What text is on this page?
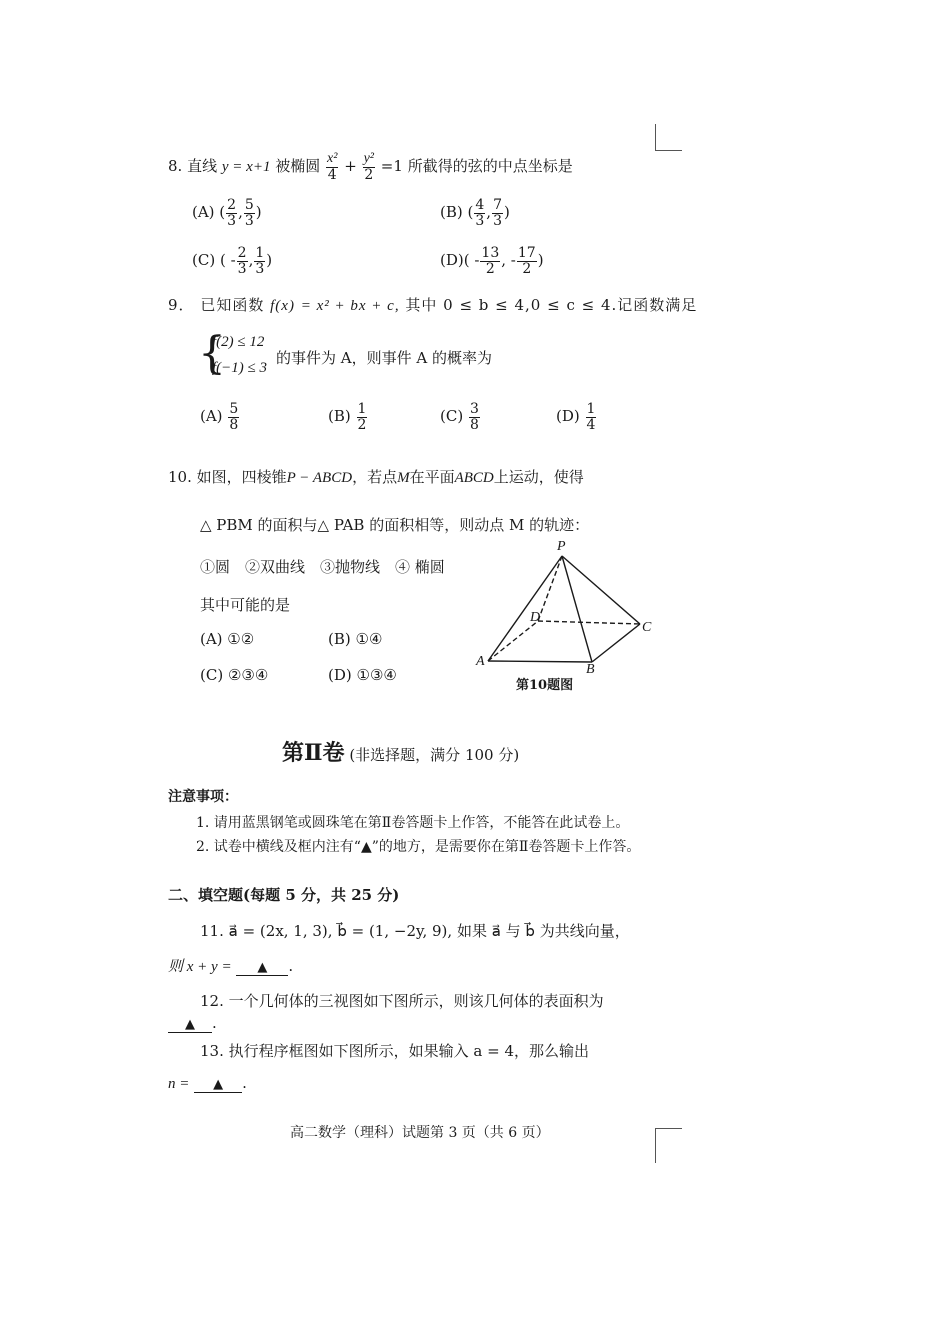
8. 直线 y = x+1 被椭圆 $\frac{\text{x²}}{4} + \frac{\text{y²}}{2} =1$ 所截得的弦的中点坐标是
(A) ( $\frac{2}{3}$ , $\frac{5}{3}$ )	(B) ( $\frac{4}{3}$ , $\frac{7}{3}$ )
(C) ( - $\frac{2}{3}$ , $\frac{1}{3}$ )	$(D)( - \frac{13}{2}$ , - $\frac{17}{2}$ )
9． 已知函数 f(x) = x² + bx + c, 其中 0 ≤ b ≤ 4,0 ≤ c ≤ 4.记函数满足
{
f(2) ≤ 12
f(−1) ≤ 3
的事件为 A，则事件 A 的概率为
$(A) \frac{5}{8}$	$(B) \frac{1}{2}$	$(C) \frac{3}{8}$	$(D) \frac{1}{4}$
10. 如图，四棱锥P − ABCD，若点M在平面ABCD上运动，使得
△ PBM 的面积与△ PAB 的面积相等，则动点 M 的轨迹：
①圆　②双曲线　③抛物线　④ 椭圆
其中可能的是
(A) ①②	(B) ①④
(C) ②③④	(D) ①③④
P
D
C
A
B
第10题图
第Ⅱ卷 (非选择题，满分 100 分)
注意事项：
1. 请用蓝黑钢笔或圆珠笔在第Ⅱ卷答题卡上作答，不能答在此试卷上。
2. 试卷中横线及框内注有“▲”的地方，是需要你在第Ⅱ卷答题卡上作答。
二、填空题(每题 5 分，共 25 分)
11. a⃗ = (2x, 1, 3), b⃗ = (1, −2y, 9), 如果 a⃗ 与 b⃗ 为共线向量，
则 x + y = ▲ .
12. 一个几何体的三视图如下图所示，则该几何体的表面积为
▲ .
13. 执行程序框图如下图所示，如果输入 a = 4，那么输出
n = ▲ .
高二数学（理科）试题第 3 页（共 6 页）
